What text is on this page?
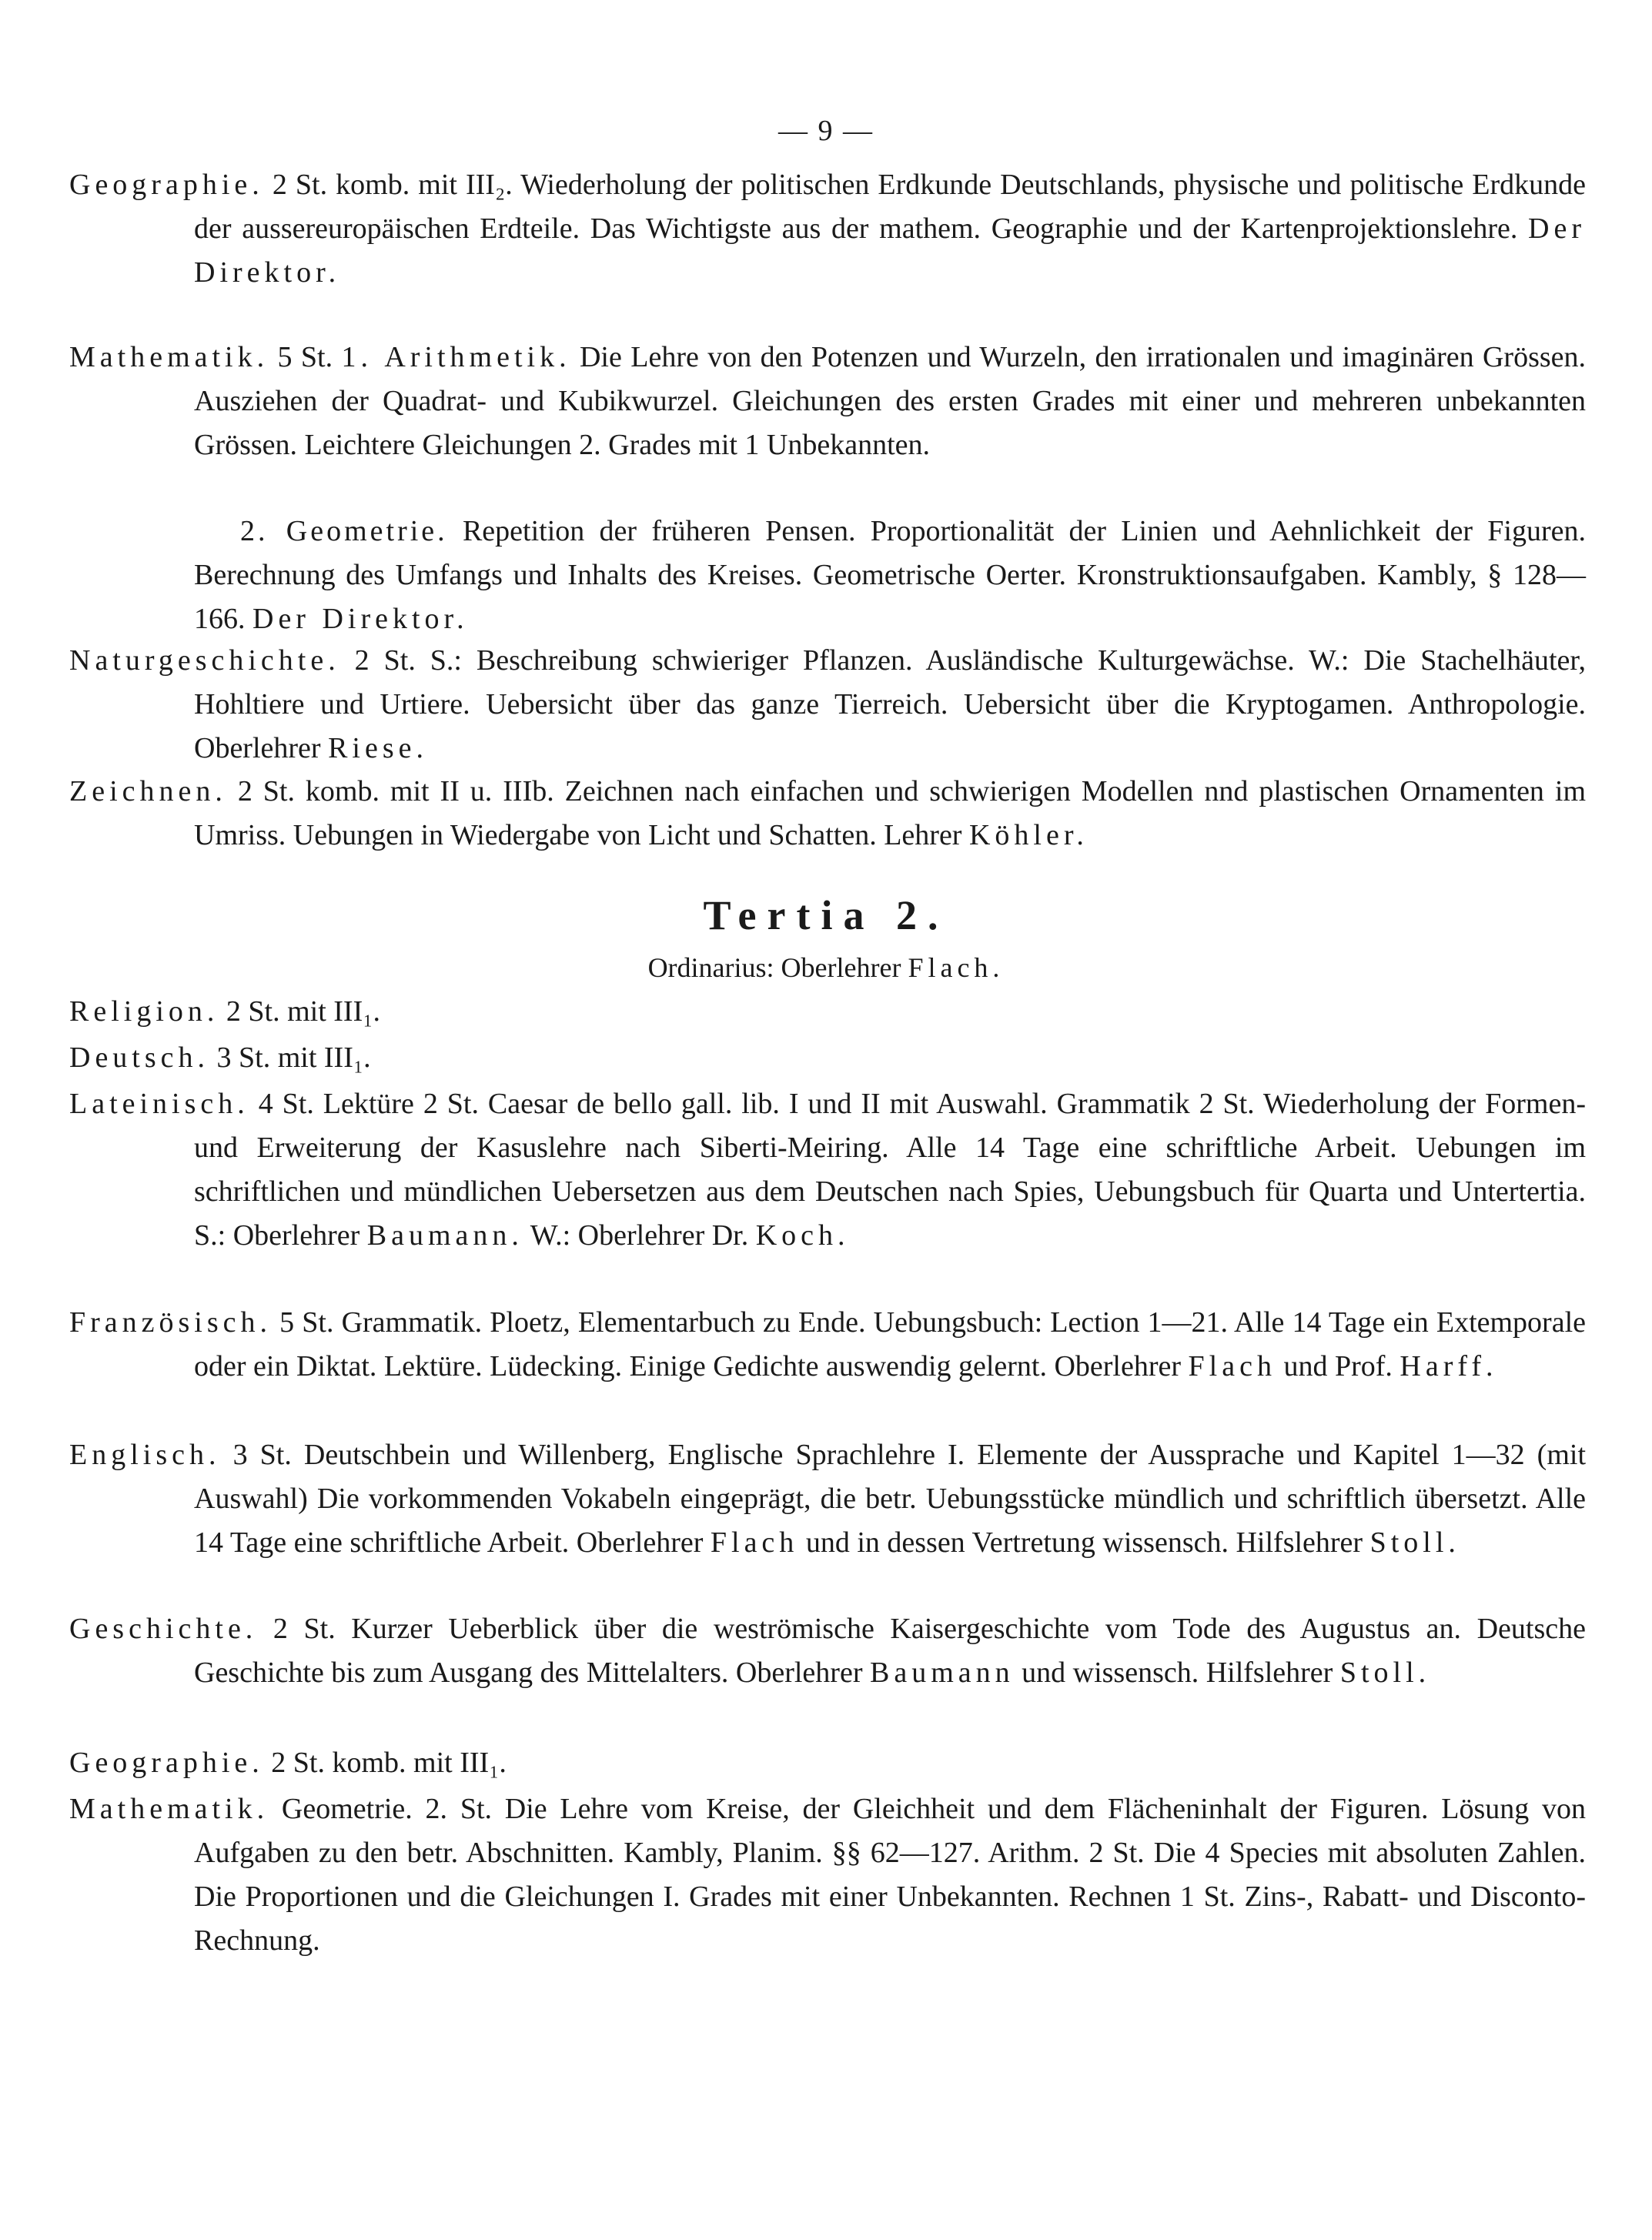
— 9 —
Geographie. 2 St. komb. mit III₂. Wiederholung der politischen Erdkunde Deutschlands, physische und politische Erdkunde der aussereuropäischen Erdteile. Das Wichtigste aus der mathem. Geographie und der Kartenprojektionslehre. Der Direktor.
Mathematik. 5 St. 1. Arithmetik. Die Lehre von den Potenzen und Wurzeln, den irrationalen und imaginären Grössen. Ausziehen der Quadrat- und Kubikwurzel. Gleichungen des ersten Grades mit einer und mehreren unbekannten Grössen. Leichtere Gleichungen 2. Grades mit 1 Unbekannten.
2. Geometrie. Repetition der früheren Pensen. Proportionalität der Linien und Aehnlichkeit der Figuren. Berechnung des Umfangs und Inhalts des Kreises. Geometrische Oerter. Kronstruktionsaufgaben. Kambly, § 128—166. Der Direktor.
Naturgeschichte. 2 St. S.: Beschreibung schwieriger Pflanzen. Ausländische Kulturgewächse. W.: Die Stachelhäuter, Hohltiere und Urtiere. Uebersicht über das ganze Tierreich. Uebersicht über die Kryptogamen. Anthropologie. Oberlehrer Riese.
Zeichnen. 2 St. komb. mit II u. IIIb. Zeichnen nach einfachen und schwierigen Modellen nnd plastischen Ornamenten im Umriss. Uebungen in Wiedergabe von Licht und Schatten. Lehrer Köhler.
Tertia 2.
Ordinarius: Oberlehrer Flach.
Religion. 2 St. mit III₁.
Deutsch. 3 St. mit III₁.
Lateinisch. 4 St. Lektüre 2 St. Caesar de bello gall. lib. I und II mit Auswahl. Grammatik 2 St. Wiederholung der Formen- und Erweiterung der Kasuslehre nach Siberti-Meiring. Alle 14 Tage eine schriftliche Arbeit. Uebungen im schriftlichen und mündlichen Uebersetzen aus dem Deutschen nach Spies, Uebungsbuch für Quarta und Untertertia. S.: Oberlehrer Baumann. W.: Oberlehrer Dr. Koch.
Französisch. 5 St. Grammatik. Ploetz, Elementarbuch zu Ende. Uebungsbuch: Lection 1—21. Alle 14 Tage ein Extemporale oder ein Diktat. Lektüre. Lüdecking. Einige Gedichte auswendig gelernt. Oberlehrer Flach und Prof. Harff.
Englisch. 3 St. Deutschbein und Willenberg, Englische Sprachlehre I. Elemente der Aussprache und Kapitel 1—32 (mit Auswahl) Die vorkommenden Vokabeln eingeprägt, die betr. Uebungsstücke mündlich und schriftlich übersetzt. Alle 14 Tage eine schriftliche Arbeit. Oberlehrer Flach und in dessen Vertretung wissensch. Hilfslehrer Stoll.
Geschichte. 2 St. Kurzer Ueberblick über die weströmische Kaisergeschichte vom Tode des Augustus an. Deutsche Geschichte bis zum Ausgang des Mittelalters. Oberlehrer Baumann und wissensch. Hilfslehrer Stoll.
Geographie. 2 St. komb. mit III₁.
Mathematik. Geometrie. 2. St. Die Lehre vom Kreise, der Gleichheit und dem Flächeninhalt der Figuren. Lösung von Aufgaben zu den betr. Abschnitten. Kambly, Planim. §§ 62—127. Arithm. 2 St. Die 4 Species mit absoluten Zahlen. Die Proportionen und die Gleichungen I. Grades mit einer Unbekannten. Rechnen 1 St. Zins-, Rabatt- und Disconto-Rechnung.
